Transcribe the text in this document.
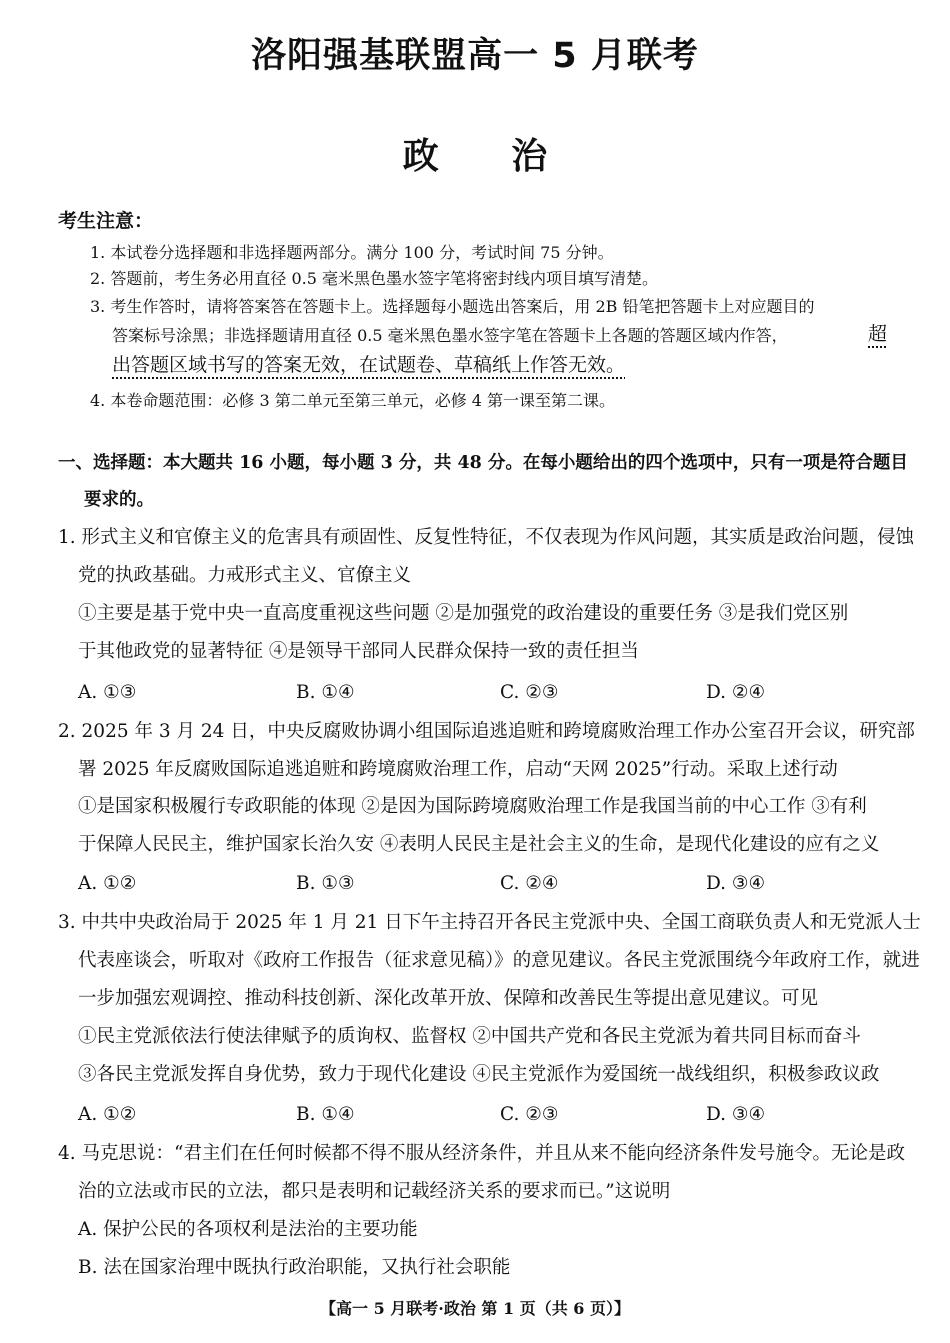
洛阳强基联盟高一 5 月联考
政 治
考生注意：
1. 本试卷分选择题和非选择题两部分。满分 100 分，考试时间 75 分钟。
2. 答题前，考生务必用直径 0.5 毫米黑色墨水签字笔将密封线内项目填写清楚。
3. 考生作答时，请将答案答在答题卡上。选择题每小题选出答案后，用 2B 铅笔把答题卡上对应题目的
答案标号涂黑；非选择题请用直径 0.5 毫米黑色墨水签字笔在答题卡上各题的答题区域内作答，	超
出答题区域书写的答案无效，在试题卷、草稿纸上作答无效。
4. 本卷命题范围：必修 3 第二单元至第三单元，必修 4 第一课至第二课。
一、选择题：本大题共 16 小题，每小题 3 分，共 48 分。在每小题给出的四个选项中，只有一项是符合题目
要求的。
1. 形式主义和官僚主义的危害具有顽固性、反复性特征，不仅表现为作风问题，其实质是政治问题，侵蚀
党的执政基础。力戒形式主义、官僚主义
①主要是基于党中央一直高度重视这些问题 ②是加强党的政治建设的重要任务 ③是我们党区别
于其他政党的显著特征 ④是领导干部同人民群众保持一致的责任担当
A. ①③	B. ①④	C. ②③	D. ②④
2. 2025 年 3 月 24 日，中央反腐败协调小组国际追逃追赃和跨境腐败治理工作办公室召开会议，研究部
署 2025 年反腐败国际追逃追赃和跨境腐败治理工作，启动“天网 2025”行动。采取上述行动
①是国家积极履行专政职能的体现 ②是因为国际跨境腐败治理工作是我国当前的中心工作 ③有利
于保障人民民主，维护国家长治久安 ④表明人民民主是社会主义的生命，是现代化建设的应有之义
A. ①②	B. ①③	C. ②④	D. ③④
3. 中共中央政治局于 2025 年 1 月 21 日下午主持召开各民主党派中央、全国工商联负责人和无党派人士
代表座谈会，听取对《政府工作报告（征求意见稿）》的意见建议。各民主党派围绕今年政府工作，就进
一步加强宏观调控、推动科技创新、深化改革开放、保障和改善民生等提出意见建议。可见
①民主党派依法行使法律赋予的质询权、监督权 ②中国共产党和各民主党派为着共同目标而奋斗
③各民主党派发挥自身优势，致力于现代化建设 ④民主党派作为爱国统一战线组织，积极参政议政
A. ①②	B. ①④	C. ②③	D. ③④
4. 马克思说：“君主们在任何时候都不得不服从经济条件，并且从来不能向经济条件发号施令。无论是政
治的立法或市民的立法，都只是表明和记载经济关系的要求而已。”这说明
A. 保护公民的各项权利是法治的主要功能
B. 法在国家治理中既执行政治职能，又执行社会职能
【高一 5 月联考·政治 第 1 页（共 6 页）】
